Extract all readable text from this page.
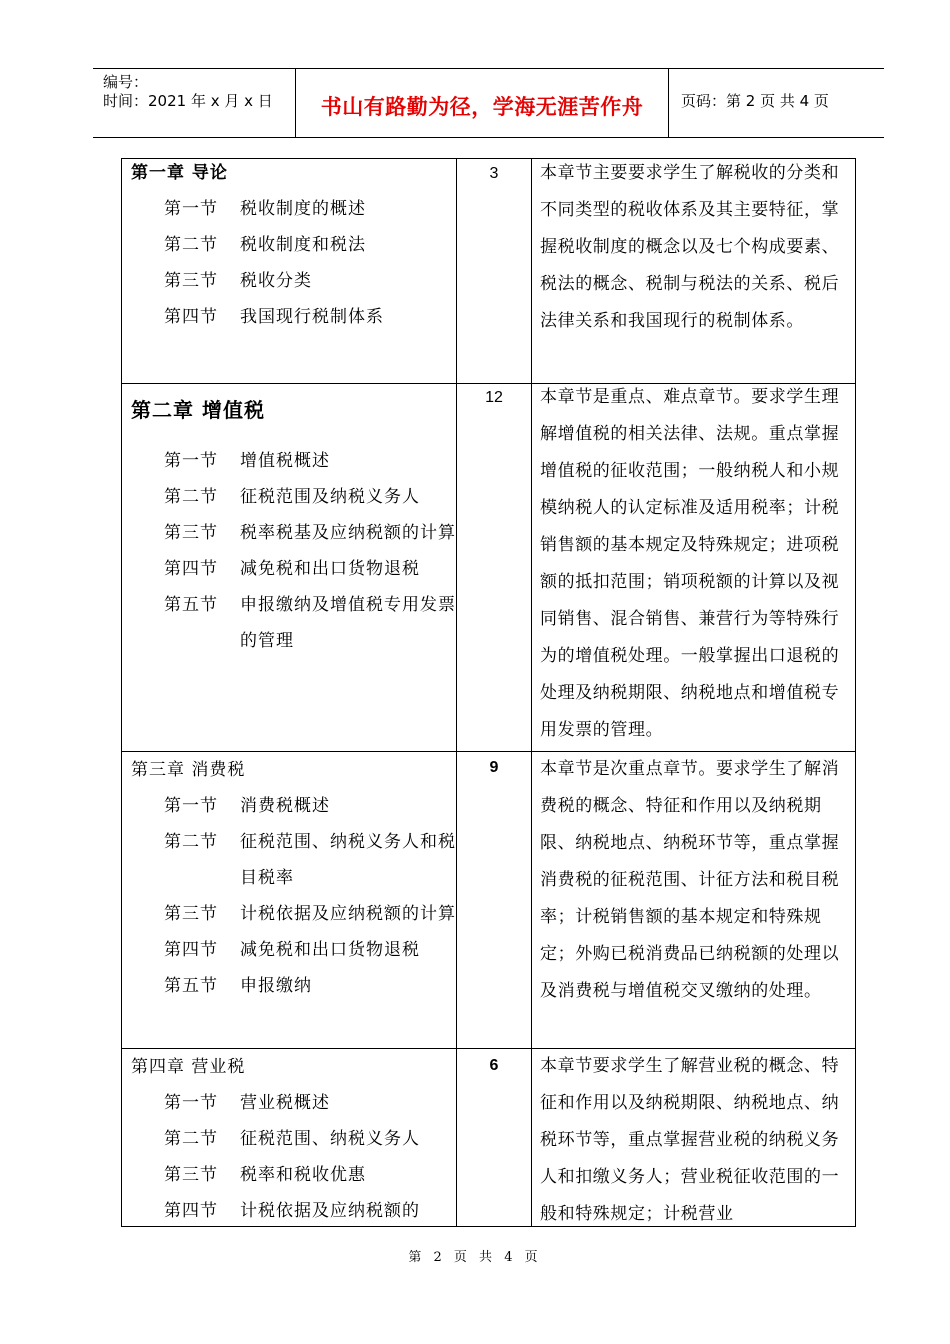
编号：
时间：2021 年 x 月 x 日	书山有路勤为径，学海无涯苦作舟	页码：第 2 页 共 4 页
第一章 导论
第一节 税收制度的概述
第二节 税收制度和税法
第三节 税收分类
第四节 我国现行税制体系
3	本章节主要要求学生了解税收的分类和不同类型的税收体系及其主要特征，掌握税收制度的概念以及七个构成要素、税法的概念、税制与税法的关系、税后法律关系和我国现行的税制体系。
第二章 增值税
第一节 增值税概述
第二节 征税范围及纳税义务人
第三节 税率税基及应纳税额的计算
第四节 减免税和出口货物退税
第五节 申报缴纳及增值税专用发票的管理
12	本章节是重点、难点章节。要求学生理解增值税的相关法律、法规。重点掌握增值税的征收范围；一般纳税人和小规模纳税人的认定标准及适用税率；计税销售额的基本规定及特殊规定；进项税额的抵扣范围；销项税额的计算以及视同销售、混合销售、兼营行为等特殊行为的增值税处理。一般掌握出口退税的处理及纳税期限、纳税地点和增值税专用发票的管理。
第三章 消费税
第一节 消费税概述
第二节 征税范围、纳税义务人和税目税率
第三节 计税依据及应纳税额的计算
第四节 减免税和出口货物退税
第五节 申报缴纳
9	本章节是次重点章节。要求学生了解消费税的概念、特征和作用以及纳税期限、纳税地点、纳税环节等，重点掌握消费税的征税范围、计征方法和税目税率；计税销售额的基本规定和特殊规定；外购已税消费品已纳税额的处理以及消费税与增值税交叉缴纳的处理。
第四章 营业税
第一节 营业税概述
第二节 征税范围、纳税义务人
第三节 税率和税收优惠
第四节 计税依据及应纳税额的
6	本章节要求学生了解营业税的概念、特征和作用以及纳税期限、纳税地点、纳税环节等，重点掌握营业税的纳税义务人和扣缴义务人；营业税征收范围的一般和特殊规定；计税营业
第 2 页 共 4 页
